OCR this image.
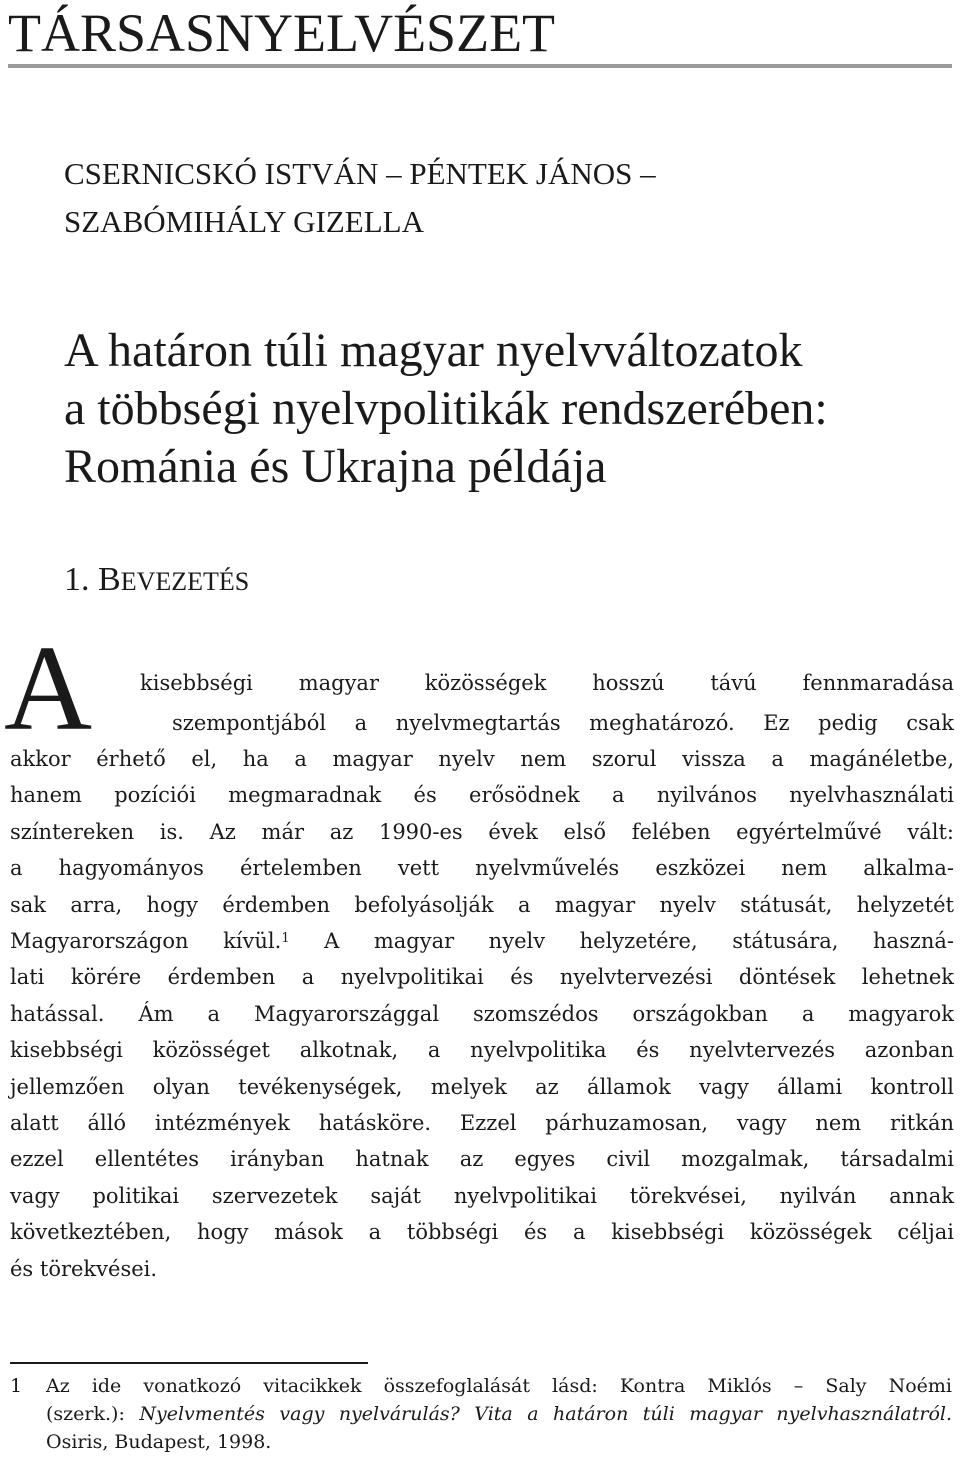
TÁRSASNYELVÉSZET
CSERNICSKÓ ISTVÁN – PÉNTEK JÁNOS –
SZABÓMIHÁLY GIZELLA
A határon túli magyar nyelvváltozatok
a többségi nyelvpolitikák rendszerében:
Románia és Ukrajna példája
1. BEVEZETÉS
A kisebbségi magyar közösségek hosszú távú fennmaradása
szempontjából a nyelvmegtartás meghatározó. Ez pedig csak
akkor érhető el, ha a magyar nyelv nem szorul vissza a magánéletbe,
hanem pozíciói megmaradnak és erősödnek a nyilvános nyelvhasználati
színtereken is. Az már az 1990-es évek első felében egyértelművé vált:
a hagyományos értelemben vett nyelvművelés eszközei nem alkalma-
sak arra, hogy érdemben befolyásolják a magyar nyelv státusát, helyzetét
Magyarországon kívül.$^1$ A magyar nyelv helyzetére, státusára, haszná-
lati körére érdemben a nyelvpolitikai és nyelvtervezési döntések lehetnek
hatással. Ám a Magyarországgal szomszédos országokban a magyarok
kisebbségi közösséget alkotnak, a nyelvpolitika és nyelvtervezés azonban
jellemzően olyan tevékenységek, melyek az államok vagy állami kontroll
alatt álló intézmények hatásköre. Ezzel párhuzamosan, vagy nem ritkán
ezzel ellentétes irányban hatnak az egyes civil mozgalmak, társadalmi
vagy politikai szervezetek saját nyelvpolitikai törekvései, nyilván annak
következtében, hogy mások a többségi és a kisebbségi közösségek céljai
és törekvései.
1 Az ide vonatkozó vitacikkek összefoglalását lásd: Kontra Miklós – Saly Noémi
(szerk.): Nyelvmentés vagy nyelvárulás? Vita a határon túli magyar nyelvhasználatról.
Osiris, Budapest, 1998.
